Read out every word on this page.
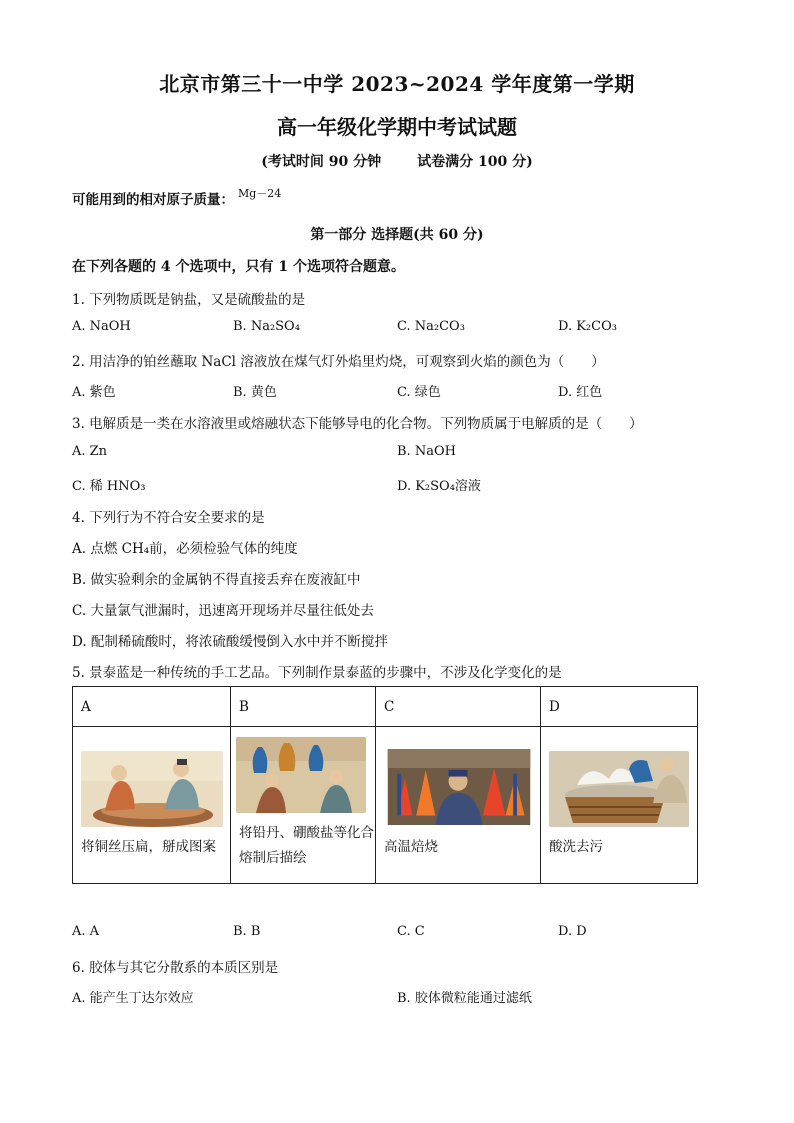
北京市第三十一中学 2023~2024 学年度第一学期
高一年级化学期中考试试题
(考试时间 90 分钟	试卷满分 100 分)
可能用到的相对原子质量： $^{Mg-24}$
第一部分 选择题(共 60 分)
在下列各题的 4 个选项中，只有 1 个选项符合题意。
1. 下列物质既是钠盐，又是硫酸盐的是
A. NaOH	B. Na₂SO₄	C. Na₂CO₃	D. K₂CO₃
2. 用洁净的铂丝蘸取 NaCl 溶液放在煤气灯外焰里灼烧，可观察到火焰的颜色为（　　）
A. 紫色	B. 黄色	C. 绿色	D. 红色
3. 电解质是一类在水溶液里或熔融状态下能够导电的化合物。下列物质属于电解质的是（　　）
A. Zn	B. NaOH
C. 稀 HNO₃	D. K₂SO₄溶液
4. 下列行为不符合安全要求的是
A. 点燃 CH₄前，必须检验气体的纯度
B. 做实验剩余的金属钠不得直接丢弃在废液缸中
C. 大量氯气泄漏时，迅速离开现场并尽量往低处去
D. 配制稀硫酸时，将浓硫酸缓慢倒入水中并不断搅拌
5. 景泰蓝是一种传统的手工艺品。下列制作景泰蓝的步骤中，不涉及化学变化的是
A	B	C	D

将铜丝压扁，掰成图案	将铅丹、硼酸盐等化合熔制后描绘	高温焙烧	酸洗去污
A. A	B. B	C. C	D. D
6. 胶体与其它分散系的本质区别是
A. 能产生丁达尔效应	B. 胶体微粒能通过滤纸
